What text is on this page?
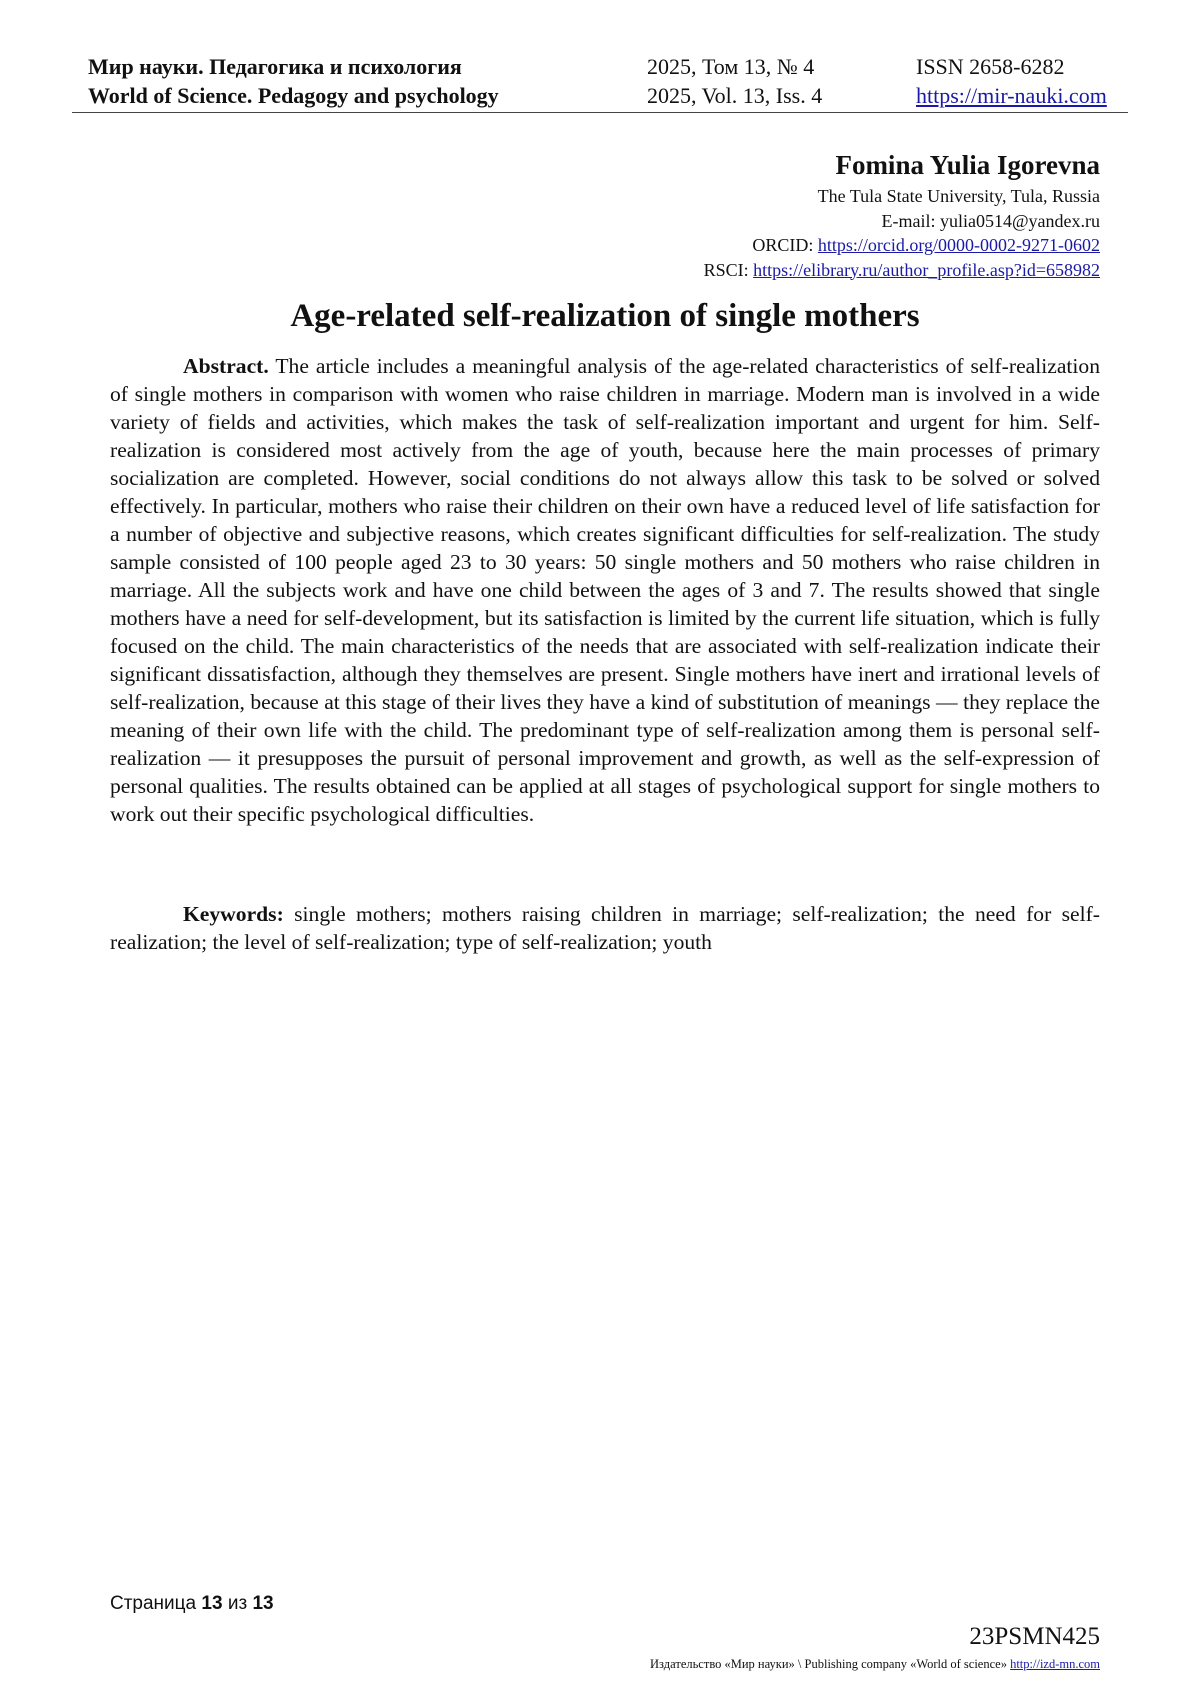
Мир науки. Педагогика и психология
World of Science. Pedagogy and psychology
2025, Том 13, № 4
2025, Vol. 13, Iss. 4
ISSN 2658-6282
https://mir-nauki.com
Fomina Yulia Igorevna
The Tula State University, Tula, Russia
E-mail: yulia0514@yandex.ru
ORCID: https://orcid.org/0000-0002-9271-0602
RSCI: https://elibrary.ru/author_profile.asp?id=658982
Age-related self-realization of single mothers

Abstract. The article includes a meaningful analysis of the age-related characteristics of self-realization of single mothers in comparison with women who raise children in marriage. Modern man is involved in a wide variety of fields and activities, which makes the task of self-realization important and urgent for him. Self-realization is considered most actively from the age of youth, because here the main processes of primary socialization are completed. However, social conditions do not always allow this task to be solved or solved effectively. In particular, mothers who raise their children on their own have a reduced level of life satisfaction for a number of objective and subjective reasons, which creates significant difficulties for self-realization. The study sample consisted of 100 people aged 23 to 30 years: 50 single mothers and 50 mothers who raise children in marriage. All the subjects work and have one child between the ages of 3 and 7. The results showed that single mothers have a need for self-development, but its satisfaction is limited by the current life situation, which is fully focused on the child. The main characteristics of the needs that are associated with self-realization indicate their significant dissatisfaction, although they themselves are present. Single mothers have inert and irrational levels of self-realization, because at this stage of their lives they have a kind of substitution of meanings — they replace the meaning of their own life with the child. The predominant type of self-realization among them is personal self-realization — it presupposes the pursuit of personal improvement and growth, as well as the self-expression of personal qualities. The results obtained can be applied at all stages of psychological support for single mothers to work out their specific psychological difficulties.

Keywords: single mothers; mothers raising children in marriage; self-realization; the need for self-realization; the level of self-realization; type of self-realization; youth

Страница 13 из 13
23PSMN425
Издательство «Мир науки» \ Publishing company «World of science» http://izd-mn.com
